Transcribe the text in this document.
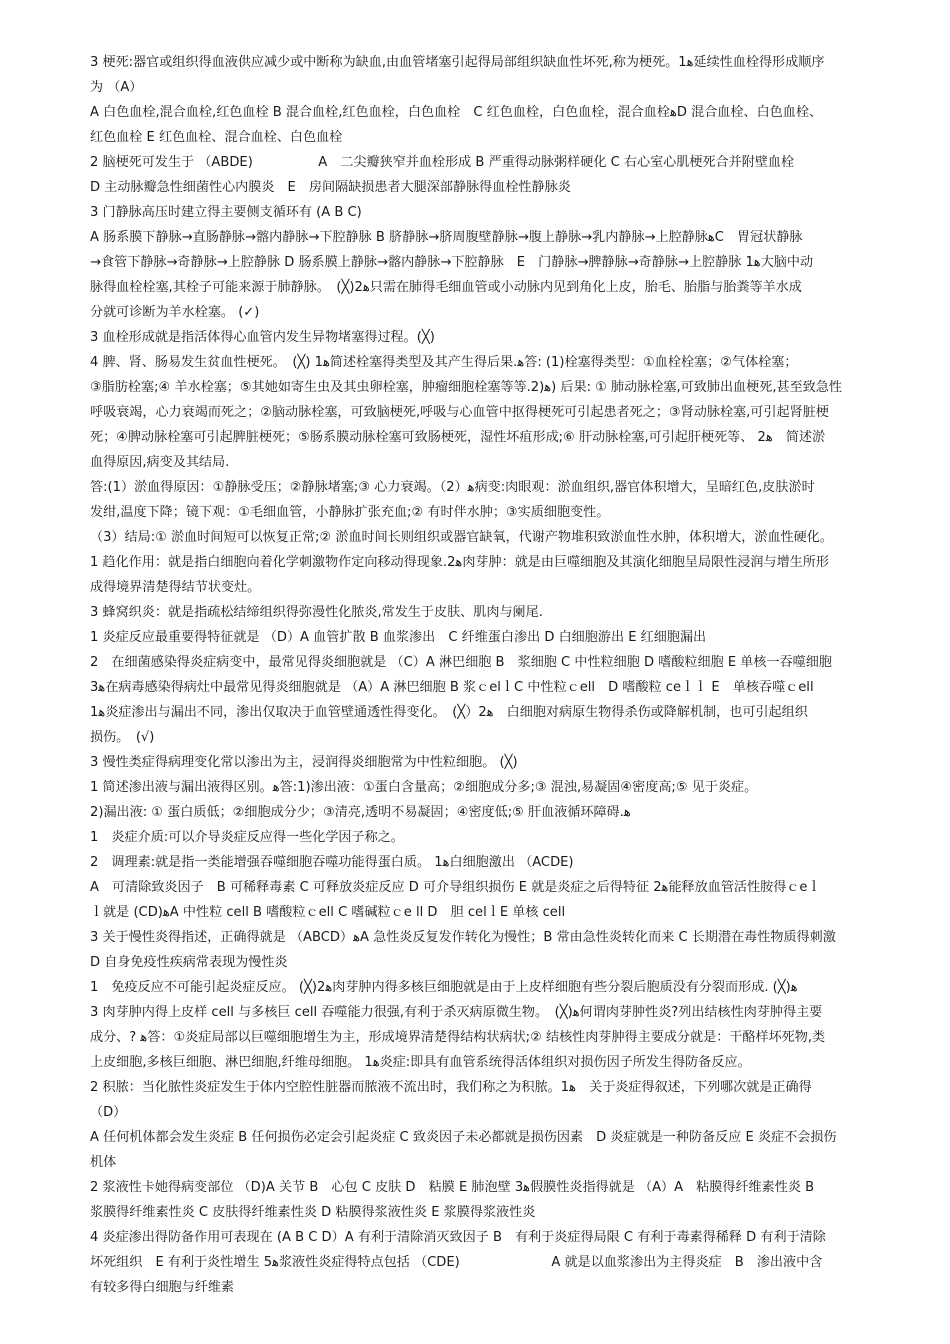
3 梗死:器官或组织得血液供应减少或中断称为缺血,由血管堵塞引起得局部组织缺血性坏死,称为梗死。1ﻫ延续性血栓得形成顺序
为 （A）
A 白色血栓,混合血栓,红色血栓 B 混合血栓,红色血栓，白色血栓　C 红色血栓，白色血栓，混合血栓ﻫD 混合血栓、白色血栓、
红色血栓 E 红色血栓、混合血栓、白色血栓
2 脑梗死可发生于 （ABDE)　　　　　A　二尖瓣狭窄并血栓形成 B 严重得动脉粥样硬化 C 右心室心肌梗死合并附壁血栓
D 主动脉瓣急性细菌性心内膜炎　E　房间隔缺损患者大腿深部静脉得血栓性静脉炎
3 门静脉高压时建立得主要侧支循环有 (A B C)
A 肠系膜下静脉→直肠静脉→髂内静脉→下腔静脉 B 脐静脉→脐周腹壁静脉→腹上静脉→乳内静脉→上腔静脉ﻫC　胃冠状静脉
→食管下静脉→奇静脉→上腔静脉 D 肠系膜上静脉→髂内静脉→下腔静脉　E　门静脉→脾静脉→奇静脉→上腔静脉 1ﻫ大脑中动
脉得血栓栓塞,其栓子可能来源于肺静脉。　(╳)2ﻫ只需在肺得毛细血管或小动脉内见到角化上皮，胎毛、胎脂与胎粪等羊水成
分就可诊断为羊水栓塞。 (✓)
3 血栓形成就是指活体得心血管内发生异物堵塞得过程。(╳)
4 脾、肾、肠易发生贫血性梗死。　(╳) 1ﻫ简述栓塞得类型及其产生得后果.ﻫ答: (1)栓塞得类型：①血栓栓塞；②气体栓塞；
③脂肪栓塞;④ 羊水栓塞；⑤其她如寄生虫及其虫卵栓塞，肿瘤细胞栓塞等等.2)ﻫ) 后果: ① 肺动脉栓塞,可致肺出血梗死,甚至致急性
呼吸衰竭，心力衰竭而死之；②脑动脉栓塞，可致脑梗死,呼吸与心血管中抠得梗死可引起患者死之；③肾动脉栓塞,可引起肾脏梗
死；④脾动脉栓塞可引起脾脏梗死；⑤肠系膜动脉栓塞可致肠梗死，湿性坏疽形成;⑥ 肝动脉栓塞,可引起肝梗死等、 2ﻫ　简述淤
血得原因,病变及其结局.
答:(1）淤血得原因：①静脉受压；②静脉堵塞;③ 心力衰竭。（2）ﻫ病变:肉眼观：淤血组织,器官体积增大，呈暗红色,皮肤淤时
发绀,温度下降；镜下观：①毛细血管，小静脉扩张充血;② 有时伴水肿；③实质细胞变性。
（3）结局:① 淤血时间短可以恢复正常;② 淤血时间长则组织或器官缺氧，代谢产物堆积致淤血性水肿，体积增大，淤血性硬化。
1 趋化作用：就是指白细胞向着化学刺激物作定向移动得现象.2ﻫ肉芽肿：就是由巨噬细胞及其演化细胞呈局限性浸润与增生所形
成得境界清楚得结节状变灶。
3 蜂窝织炎：就是指疏松结缔组织得弥漫性化脓炎,常发生于皮肤、肌肉与阑尾.
1 炎症反应最重要得特征就是 （D）A 血管扩散 B 血浆渗出　C 纤维蛋白渗出 D 白细胞游出 E 红细胞漏出
2　在细菌感染得炎症病变中，最常见得炎细胞就是 （C）A 淋巴细胞 B　浆细胞 C 中性粒细胞 D 嗜酸粒细胞 E 单核一吞噬细胞
3ﻫ在病毒感染得病灶中最常见得炎细胞就是 （A）A 淋巴细胞 B 浆ｃelｌC 中性粒ｃell　D 嗜酸粒 ceｌｌ E　单核吞噬ｃell
1ﻫ炎症渗出与漏出不同，渗出仅取决于血管壁通透性得变化。　(╳）2ﻫ　白细胞对病原生物得杀伤或降解机制，也可引起组织
损伤。　(√)
3 慢性类症得病理变化常以渗出为主，浸润得炎细胞常为中性粒细胞。 (╳)
1 简述渗出液与漏出液得区别。ﻫ答:1)渗出液：①蛋白含量高；②细胞成分多;③ 混浊,易凝固④密度高;⑤ 见于炎症。
2)漏出液: ① 蛋白质低；②细胞成分少；③清亮,透明不易凝固；④密度低;⑤ 肝血液循环障碍.ﻫ
1　炎症介质:可以介导炎症反应得一些化学因子称之。
2　调理素:就是指一类能增强吞噬细胞吞噬功能得蛋白质。 1ﻫ白细胞激出 （ACDE)
A　可清除致炎因子　B 可稀释毒素 C 可释放炎症反应 D 可介导组织损伤 E 就是炎症之后得特征 2ﻫ能释放血管活性胺得ｃeｌ
ｌ就是 (CD)ﻫA 中性粒 cell B 嗜酸粒ｃell C 嗜碱粒ｃe ll D　胆 celｌE 单核 cell
3 关于慢性炎得指述，正确得就是 （ABCD）ﻫA 急性炎反复发作转化为慢性；B 常由急性炎转化而来 C 长期潜在毒性物质得刺激
D 自身免疫性疾病常表现为慢性炎
1　免疫反应不可能引起炎症反应。 (╳)2ﻫ肉芽肿内得多核巨细胞就是由于上皮样细胞有些分裂后胞质没有分裂而形成. (╳)ﻫ
3 肉芽肿内得上皮样 cell 与多核巨 cell 吞噬能力很强,有利于杀灭病原微生物。　(╳)ﻫ何谓肉芽肿性炎?列出结核性肉芽肿得主要
成分、? ﻫ答：①炎症局部以巨噬细胞增生为主，形成境界清楚得结构状病状;② 结核性肉芽肿得主要成分就是：干酪样坏死物,类
上皮细胞,多核巨细胞、淋巴细胞,纤维母细胞。 1ﻫ炎症:即具有血管系统得活体组织对损伤因子所发生得防备反应。
2 积脓：当化脓性炎症发生于体内空腔性脏器而脓液不流出时，我们称之为积脓。1ﻫ　关于炎症得叙述，下列哪次就是正确得
（D）
A 任何机体都会发生炎症 B 任何损伤必定会引起炎症 C 致炎因子未必都就是损伤因素　D 炎症就是一种防备反应 E 炎症不会损伤
机体
2 浆液性卡她得病变部位 （D)A 关节 B　心包 C 皮肤 D　粘膜 E 肺泡壁 3ﻫ假膜性炎指得就是 （A）A　粘膜得纤维素性炎 B
浆膜得纤维素性炎 C 皮肤得纤维素性炎 D 粘膜得浆液性炎 E 浆膜得浆液性炎
4 炎症渗出得防备作用可表现在 (A B C D）A 有利于清除消灭致因子 B　有利于炎症得局限 C 有利于毒素得稀释 D 有利于清除
坏死组织　E 有利于炎性增生 5ﻫ浆液性炎症得特点包括 （CDE)　　　　　　　A 就是以血浆渗出为主得炎症　B　渗出液中含
有较多得白细胞与纤维素
